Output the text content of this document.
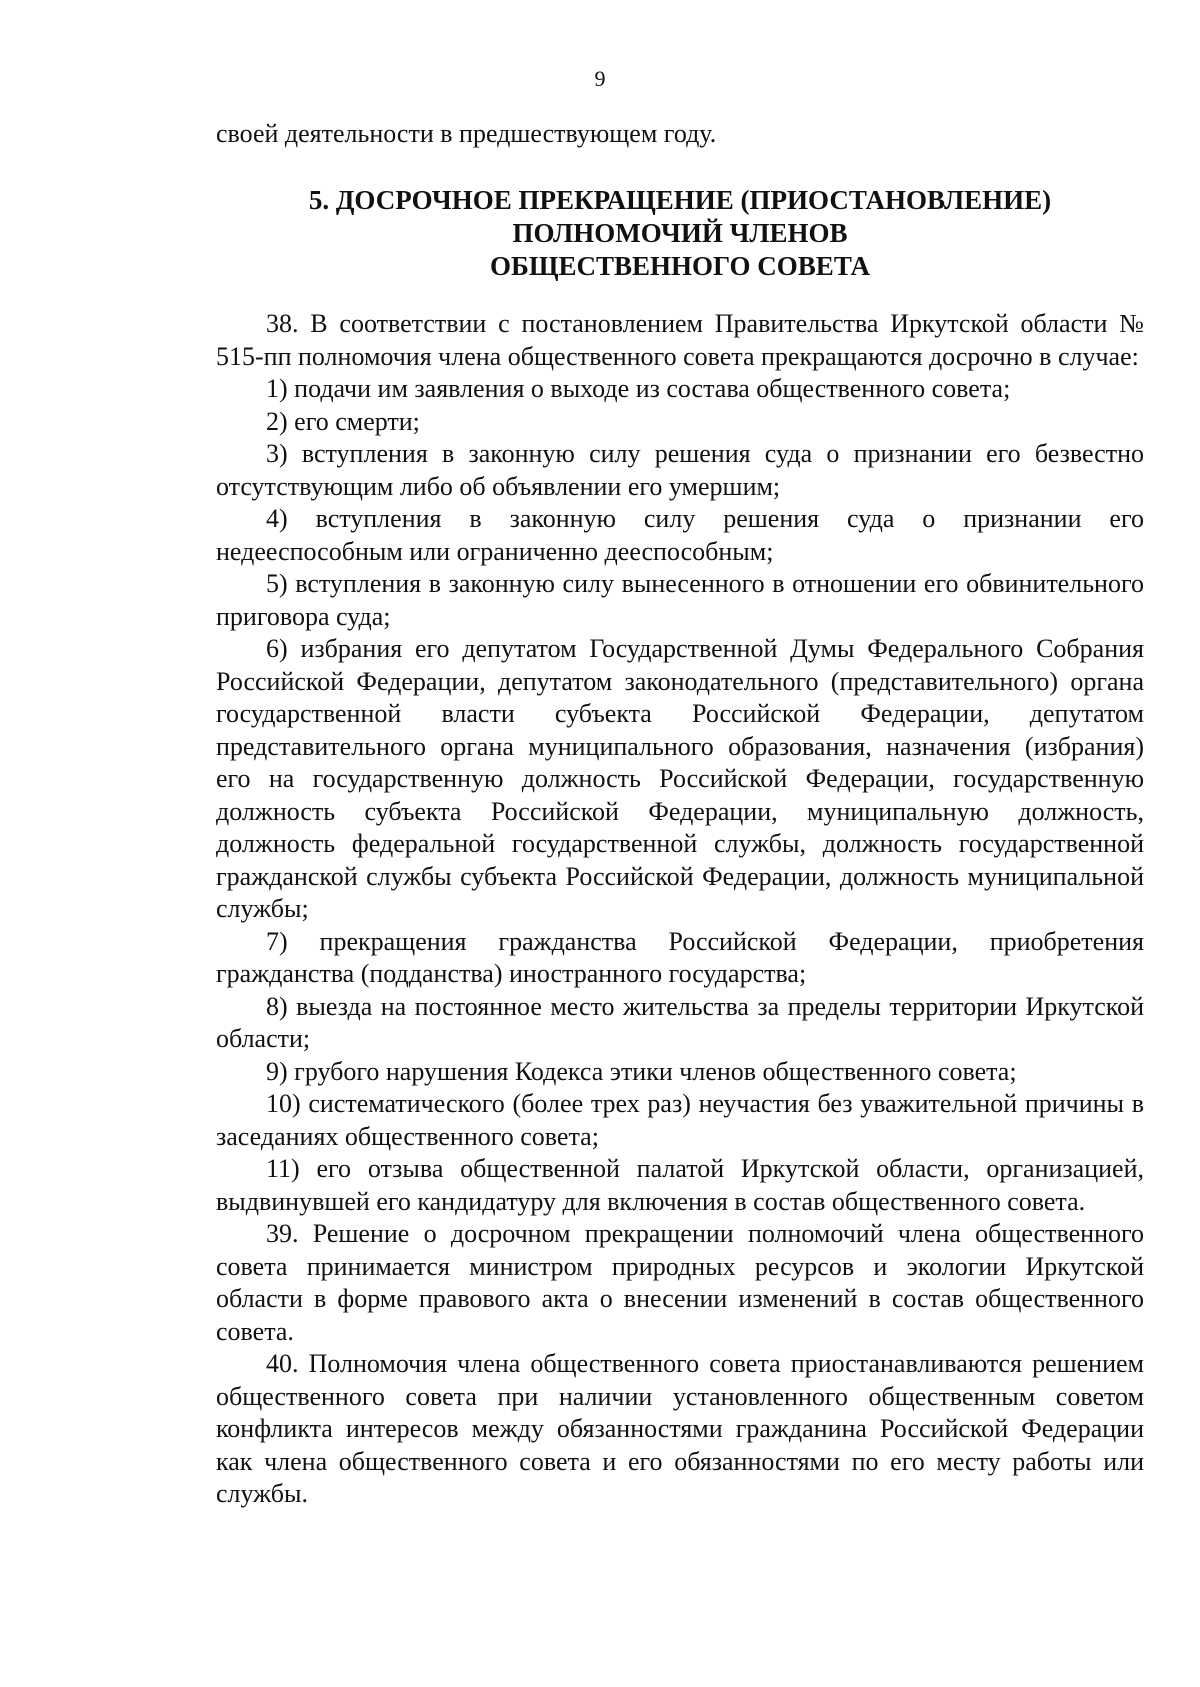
9
своей деятельности в предшествующем году.
5. ДОСРОЧНОЕ ПРЕКРАЩЕНИЕ (ПРИОСТАНОВЛЕНИЕ)
ПОЛНОМОЧИЙ ЧЛЕНОВ
ОБЩЕСТВЕННОГО СОВЕТА

38. В соответствии с постановлением Правительства Иркутской области № 515-пп полномочия члена общественного совета прекращаются досрочно в случае:

1) подачи им заявления о выходе из состава общественного совета;

2) его смерти;

3) вступления в законную силу решения суда о признании его безвестно отсутствующим либо об объявлении его умершим;

4) вступления в законную силу решения суда о признании его недееспособным или ограниченно дееспособным;

5) вступления в законную силу вынесенного в отношении его обвинительного приговора суда;

6) избрания его депутатом Государственной Думы Федерального Собрания Российской Федерации, депутатом законодательного (представительного) органа государственной власти субъекта Российской Федерации, депутатом представительного органа муниципального образования, назначения (избрания) его на государственную должность Российской Федерации, государственную должность субъекта Российской Федерации, муниципальную должность, должность федеральной государственной службы, должность государственной гражданской службы субъекта Российской Федерации, должность муниципальной службы;

7) прекращения гражданства Российской Федерации, приобретения гражданства (подданства) иностранного государства;

8) выезда на постоянное место жительства за пределы территории Иркутской области;

9) грубого нарушения Кодекса этики членов общественного совета;

10) систематического (более трех раз) неучастия без уважительной причины в заседаниях общественного совета;

11) его отзыва общественной палатой Иркутской области, организацией, выдвинувшей его кандидатуру для включения в состав общественного совета.

39. Решение о досрочном прекращении полномочий члена общественного совета принимается министром природных ресурсов и экологии Иркутской области в форме правового акта о внесении изменений в состав общественного совета.

40. Полномочия члена общественного совета приостанавливаются решением общественного совета при наличии установленного общественным советом конфликта интересов между обязанностями гражданина Российской Федерации как члена общественного совета и его обязанностями по его месту работы или службы.
